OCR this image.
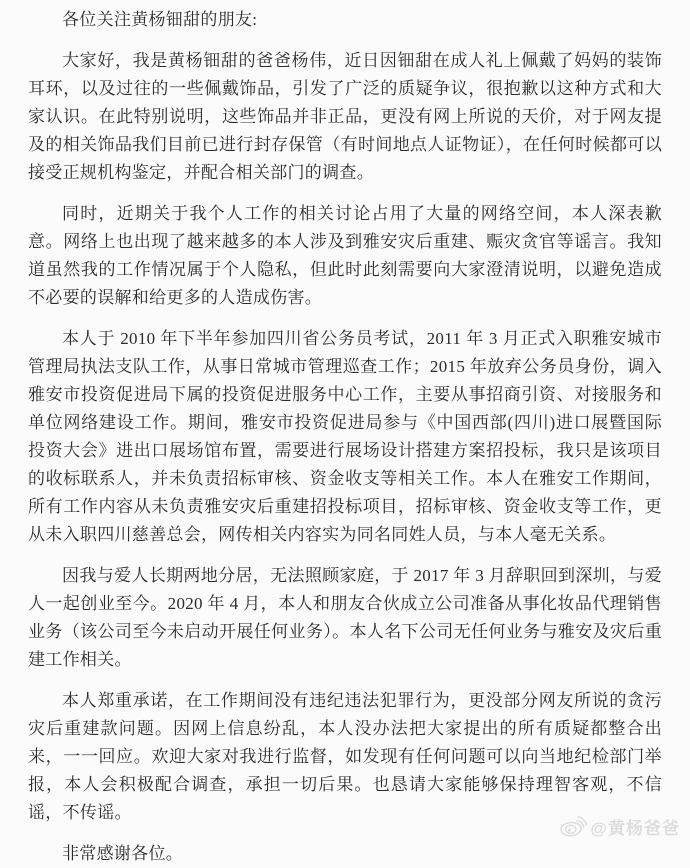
各位关注黄杨钿甜的朋友:

大家好，我是黄杨钿甜的爸爸杨伟，近日因钿甜在成人礼上佩戴了妈妈的装饰耳环，以及过往的一些佩戴饰品，引发了广泛的质疑争议，很抱歉以这种方式和大家认识。在此特别说明，这些饰品并非正品，更没有网上所说的天价，对于网友提及的相关饰品我们目前已进行封存保管（有时间地点人证物证），在任何时候都可以接受正规机构鉴定，并配合相关部门的调查。

同时，近期关于我个人工作的相关讨论占用了大量的网络空间，本人深表歉意。网络上也出现了越来越多的本人涉及到雅安灾后重建、赈灾贪官等谣言。我知道虽然我的工作情况属于个人隐私，但此时此刻需要向大家澄清说明，以避免造成不必要的误解和给更多的人造成伤害。

本人于 2010 年下半年参加四川省公务员考试，2011 年 3 月正式入职雅安城市管理局执法支队工作，从事日常城市管理巡查工作；2015 年放弃公务员身份，调入雅安市投资促进局下属的投资促进服务中心工作，主要从事招商引资、对接服务和单位网络建设工作。期间，雅安市投资促进局参与《中国西部(四川)进口展暨国际投资大会》进出口展场馆布置，需要进行展场设计搭建方案招投标，我只是该项目的收标联系人，并未负责招标审核、资金收支等相关工作。本人在雅安工作期间，所有工作内容从未负责雅安灾后重建招投标项目，招标审核、资金收支等工作，更从未入职四川慈善总会，网传相关内容实为同名同姓人员，与本人毫无关系。

因我与爱人长期两地分居，无法照顾家庭，于 2017 年 3 月辞职回到深圳，与爱人一起创业至今。2020 年 4 月，本人和朋友合伙成立公司准备从事化妆品代理销售业务（该公司至今未启动开展任何业务）。本人名下公司无任何业务与雅安及灾后重建工作相关。

本人郑重承诺，在工作期间没有违纪违法犯罪行为，更没部分网友所说的贪污灾后重建款问题。因网上信息纷乱，本人没办法把大家提出的所有质疑都整合出来，一一回应。欢迎大家对我进行监督，如发现有任何问题可以向当地纪检部门举报，本人会积极配合调查，承担一切后果。也恳请大家能够保持理智客观，不信谣，不传谣。

非常感谢各位。

@黄杨爸爸
